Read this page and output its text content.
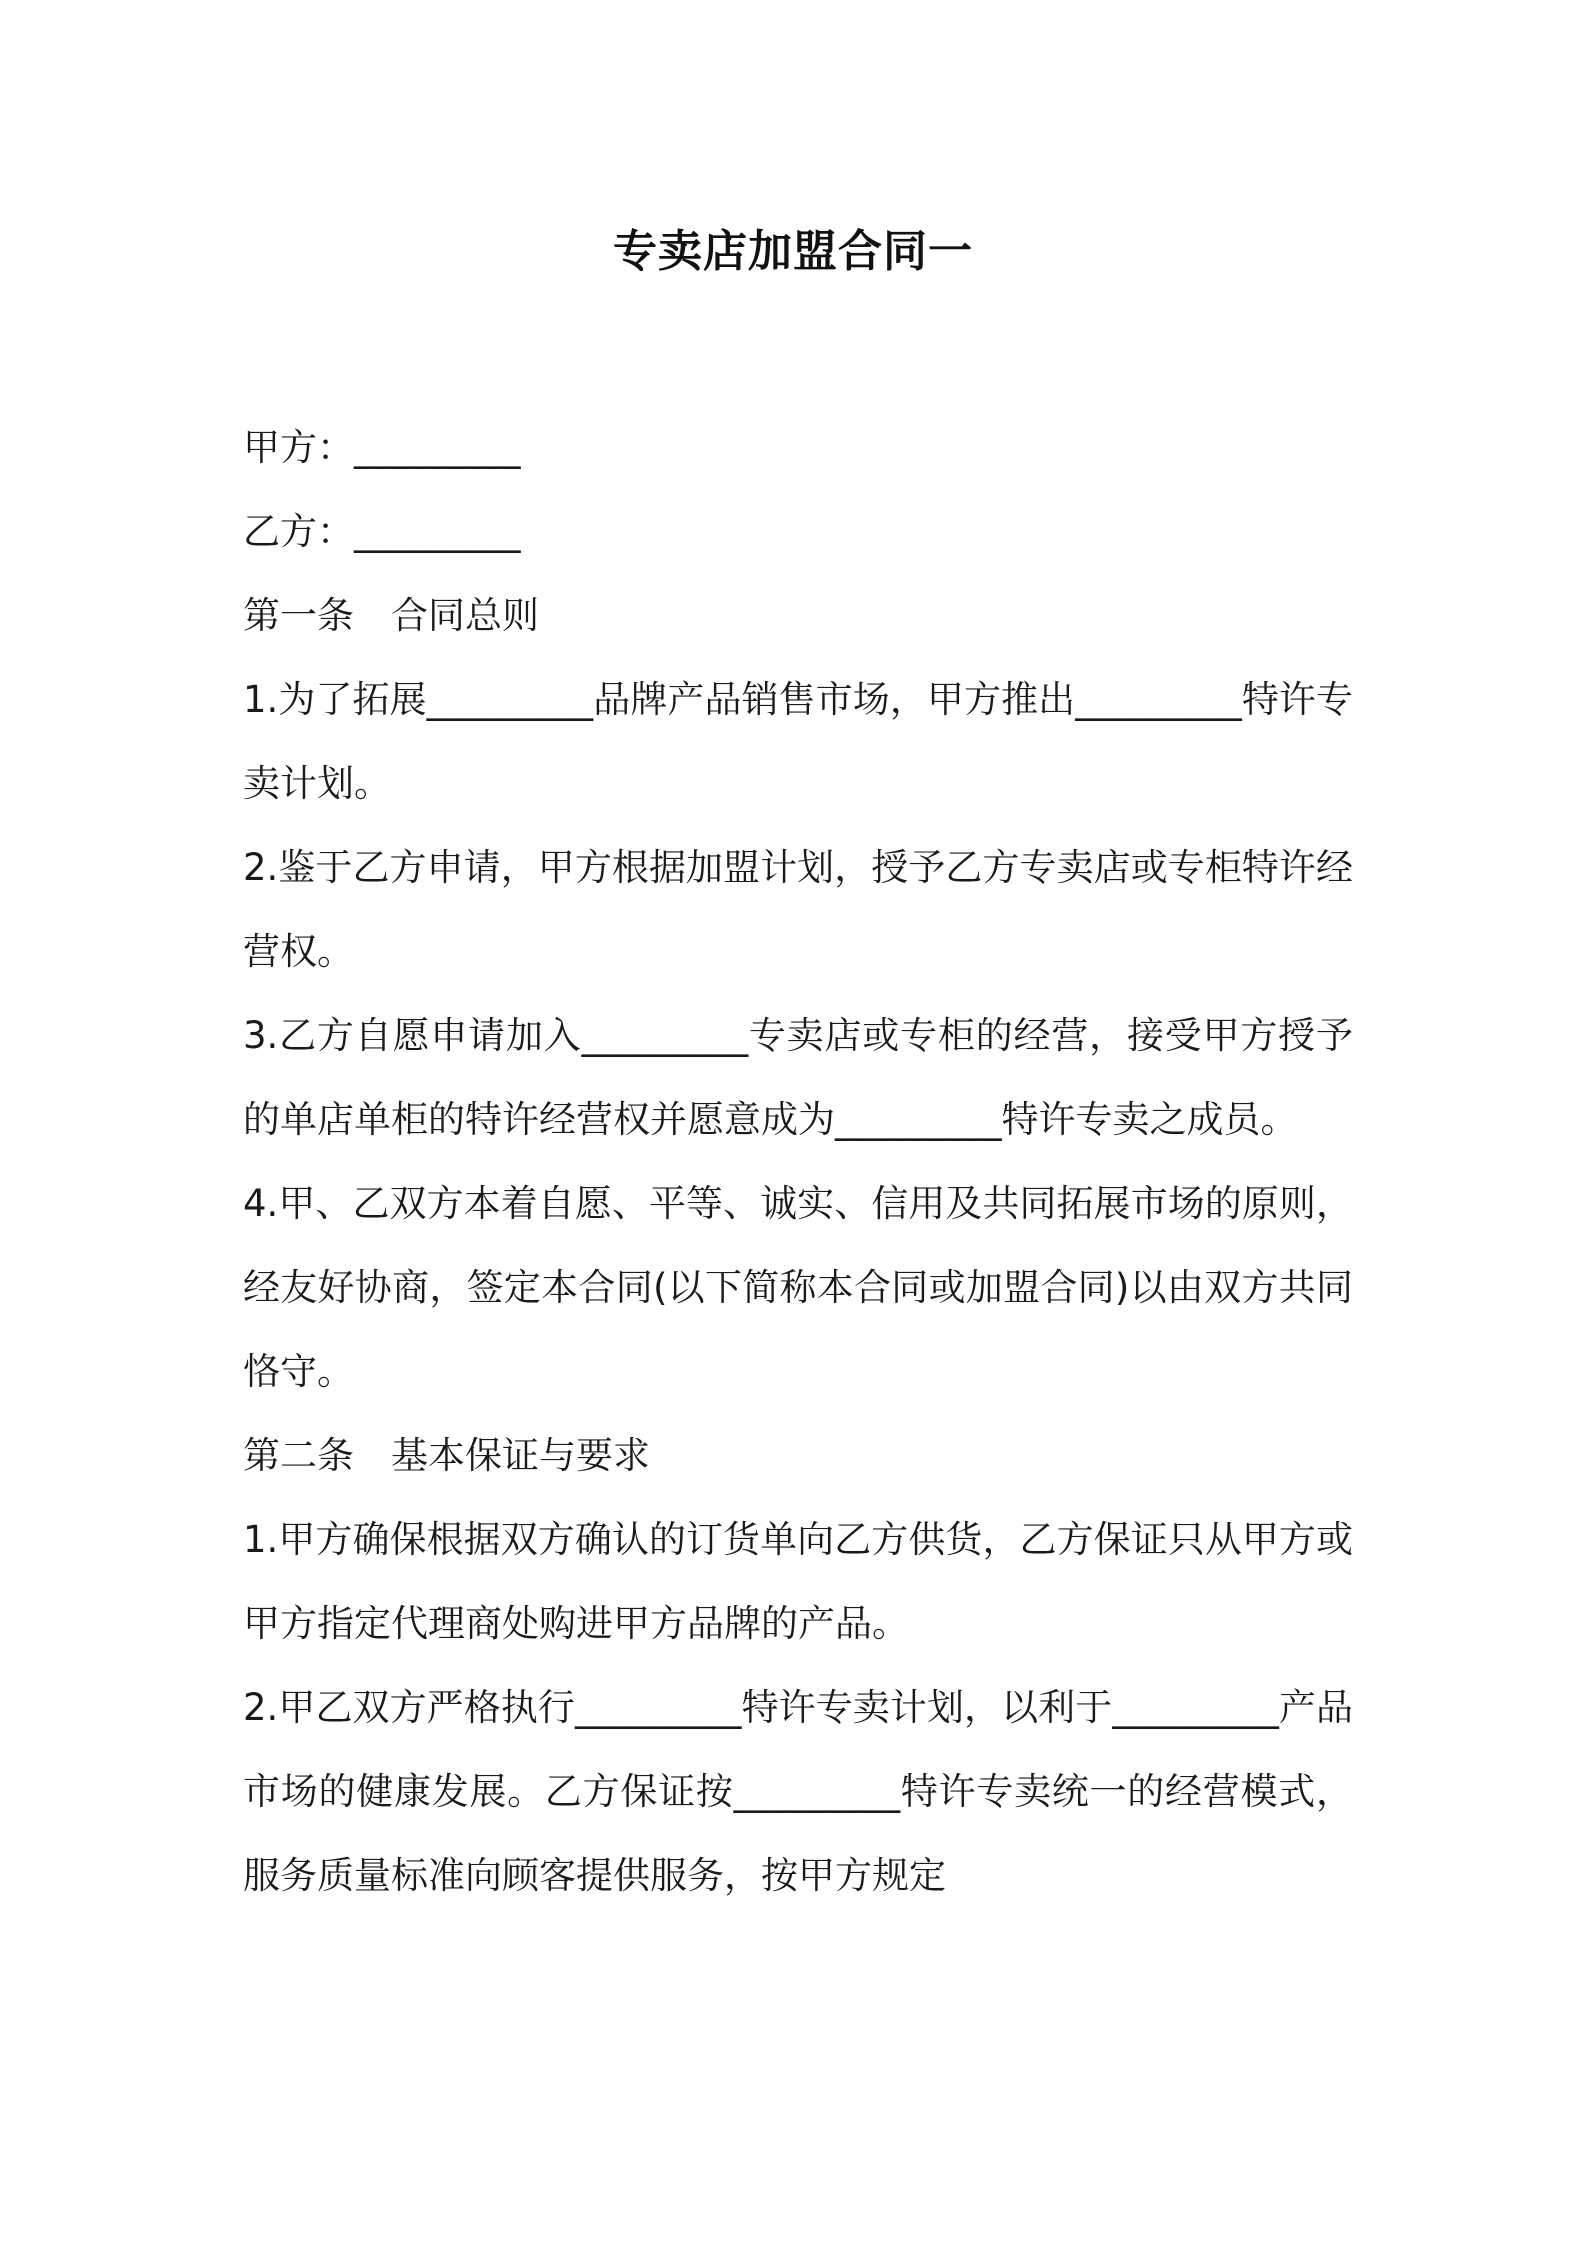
专卖店加盟合同一
甲方：_________
乙方：_________
第一条　合同总则
1.为了拓展_________品牌产品销售市场，甲方推出_________特许专卖计划。
2.鉴于乙方申请，甲方根据加盟计划，授予乙方专卖店或专柜特许经营权。
3.乙方自愿申请加入_________专卖店或专柜的经营，接受甲方授予的单店单柜的特许经营权并愿意成为_________特许专卖之成员。
4.甲、乙双方本着自愿、平等、诚实、信用及共同拓展市场的原则，经友好协商，签定本合同(以下简称本合同或加盟合同)以由双方共同恪守。
第二条　基本保证与要求
1.甲方确保根据双方确认的订货单向乙方供货，乙方保证只从甲方或甲方指定代理商处购进甲方品牌的产品。
2.甲乙双方严格执行_________特许专卖计划，以利于_________产品市场的健康发展。乙方保证按_________特许专卖统一的经营模式，服务质量标准向顾客提供服务，按甲方规定
